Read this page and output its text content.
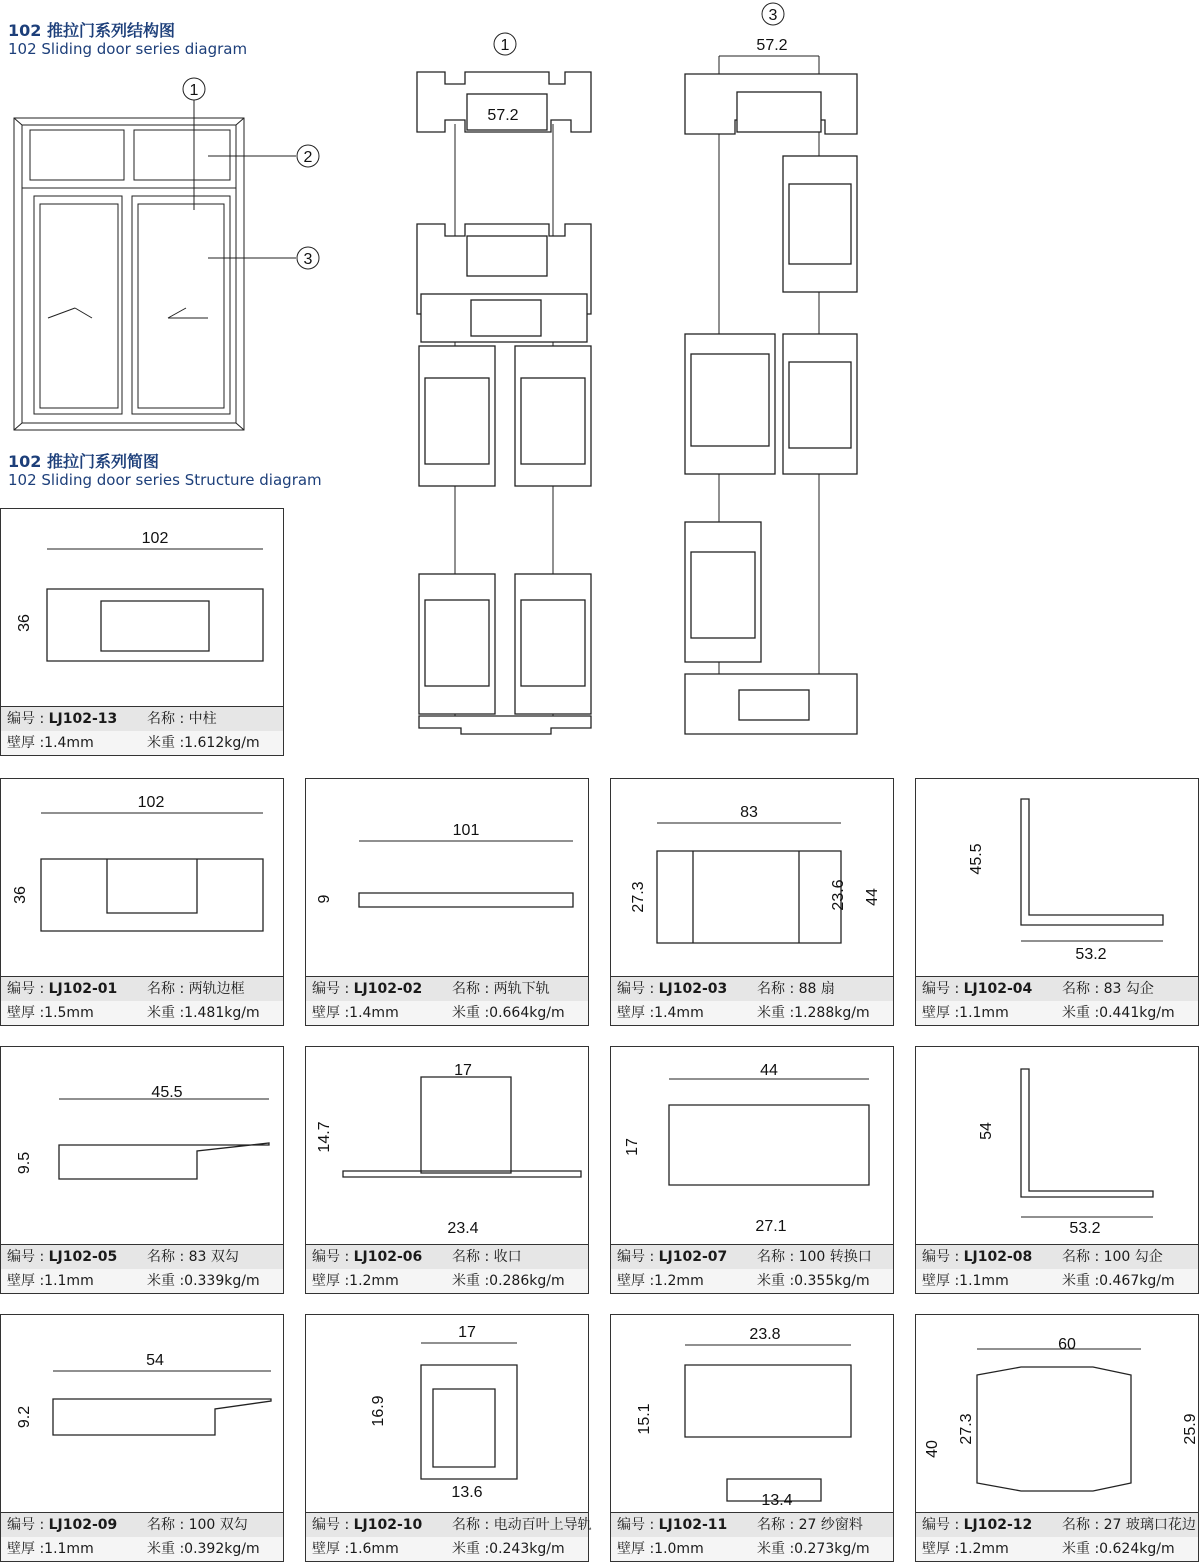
102 推拉门系列结构图
102 Sliding door series diagram
102 推拉门系列简图
102 Sliding door series Structure diagram
1
2
3
1
57.2
3
57.2
102
36
编号 : LJ102-13 名称 : 中柱
壁厚 :1.4mm	米重 :1.612kg/m
102
36
编号 : LJ102-01 名称 : 两轨边框
壁厚 :1.5mm	米重 :1.481kg/m
101
9
编号 : LJ102-02 名称 : 两轨下轨
壁厚 :1.4mm	米重 :0.664kg/m
83
27.3	23.6 44
编号 : LJ102-03 名称 : 88 扇
壁厚 :1.4mm	米重 :1.288kg/m
45.5
53.2
编号 : LJ102-04 名称 : 83 勾企
壁厚 :1.1mm	米重 :0.441kg/m
45.5
9.5
编号 : LJ102-05 名称 : 83 双勾
壁厚 :1.1mm	米重 :0.339kg/m
17
14.7
23.4
编号 : LJ102-06 名称 : 收口
壁厚 :1.2mm	米重 :0.286kg/m
44
17
27.1
编号 : LJ102-07 名称 : 100 转换口
壁厚 :1.2mm	米重 :0.355kg/m
54
53.2
编号 : LJ102-08 名称 : 100 勾企
壁厚 :1.1mm	米重 :0.467kg/m
54
9.2
编号 : LJ102-09 名称 : 100 双勾
壁厚 :1.1mm	米重 :0.392kg/m
17
16.9
13.6
编号 : LJ102-10 名称 : 电动百叶上导轨
壁厚 :1.6mm	米重 :0.243kg/m
23.8
15.1
13.4
编号 : LJ102-11 名称 : 27 纱窗料
壁厚 :1.0mm	米重 :0.273kg/m
60
40
27.3	25.9
编号 : LJ102-12 名称 : 27 玻璃口花边
壁厚 :1.2mm	米重 :0.624kg/m
